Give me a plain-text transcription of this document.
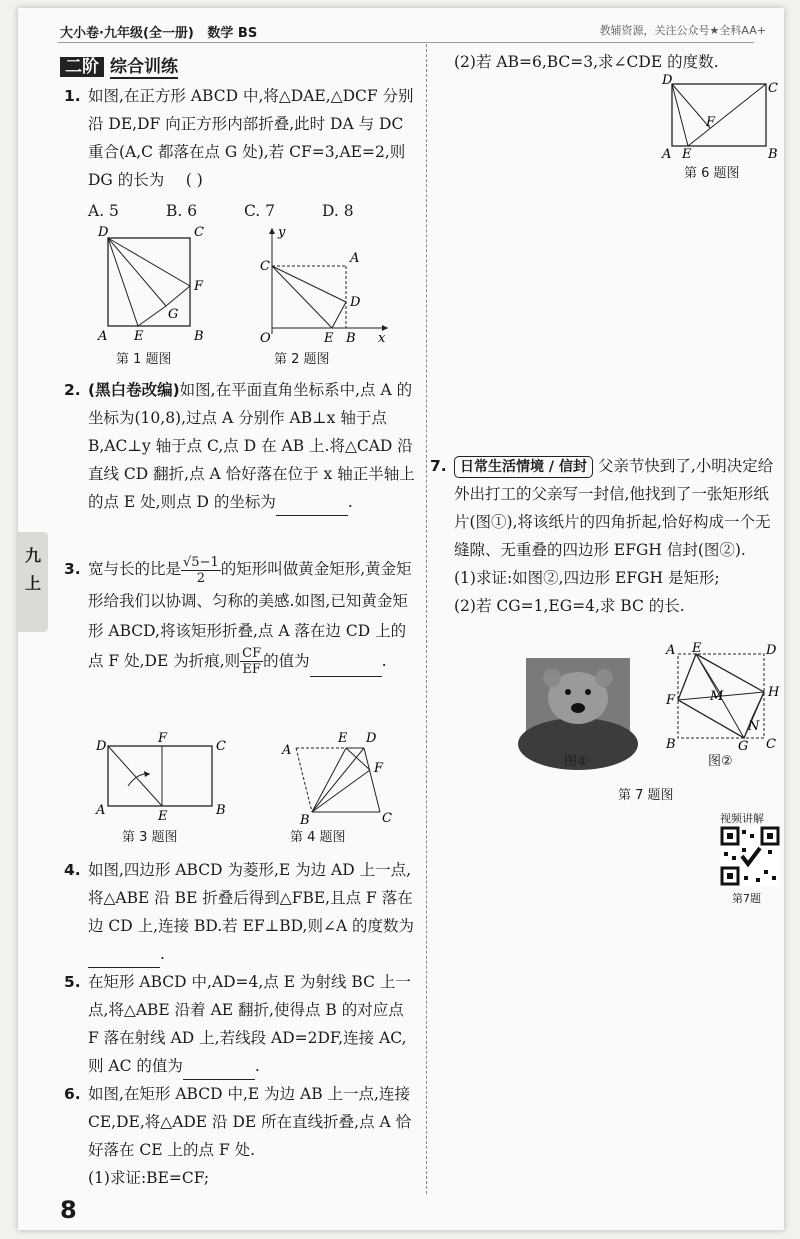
大小卷·九年级(全一册) 数学 BS	教辅资源，关注公众号★全科AA+
二阶 综合训练
九
上
1. 如图,在正方形 ABCD 中,将△DAE,△DCF 分别沿 DE,DF 向正方形内部折叠,此时 DA 与 DC 重合(A,C 都落在点 G 处),若 CF=3,AE=2,则 DG 的长为 ( )
A. 5	B. 6	C. 7	D. 8
D	C
F
G
A E	B
第 1 题图
C
A
D
O	E B x
y
第 2 题图
2. (黑白卷改编)如图,在平面直角坐标系中,点 A 的坐标为(10,8),过点 A 分别作 AB⊥x 轴于点 B,AC⊥y 轴于点 C,点 D 在 AB 上.将△CAD 沿直线 CD 翻折,点 A 恰好落在位于 x 轴正半轴上的点 E 处,则点 D 的坐标为	.
3. 宽与长的比是 $\frac{√5-1}{2}$ 的矩形叫做黄金矩形,黄金矩形给我们以协调、匀称的美感.如图,已知黄金矩形 ABCD,将该矩形折叠,点 A 落在边 CD 上的点 F 处,DE 为折痕,则 $\frac{CF}{EF}$ 的值为	.
D
F
C
A	E	B
第 3 题图
A
E D
F
B	C
第 4 题图
4. 如图,四边形 ABCD 为菱形,E 为边 AD 上一点,将△ABE 沿 BE 折叠后得到△FBE,且点 F 落在边 CD 上,连接 BD.若 EF⊥BD,则∠A 的度数为.
5. 在矩形 ABCD 中,AD=4,点 E 为射线 BC 上一点,将△ABE 沿着 AE 翻折,使得点 B 的对应点 F 落在射线 AD 上,若线段 AD=2DF,连接 AC,则 AC 的值为	.
6. 如图,在矩形 ABCD 中,E 为边 AB 上一点,连接 CE,DE,将△ADE 沿 DE 所在直线折叠,点 A 恰好落在 CE 上的点 F 处.
(1)求证:BE=CF;
8
(2)若 AB=6,BC=3,求∠CDE 的度数.
D
C
F
A E	B
第 6 题图
7. 日常生活情境 / 信封 父亲节快到了,小明决定给外出打工的父亲写一封信,他找到了一张矩形纸片(图①),将该纸片的四角折起,恰好构成一个无缝隙、无重叠的四边形 EFGH 信封(图②).
(1)求证:如图②,四边形 EFGH 是矩形;
(2)若 CG=1,EG=4,求 BC 的长.
图①
A E	D
F	M	H
N
B	G C
图②
第 7 题图
视频讲解
第7题
